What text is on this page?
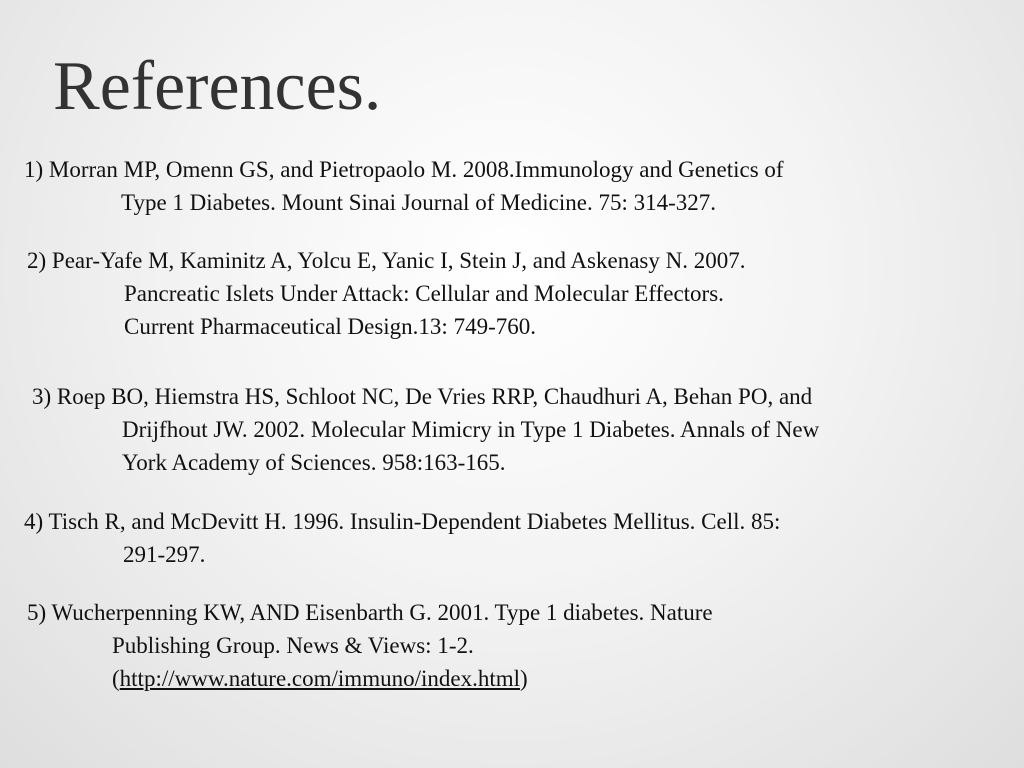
References.
1) Morran MP, Omenn GS, and Pietropaolo M. 2008.Immunology and Genetics of
Type 1 Diabetes. Mount Sinai Journal of Medicine. 75: 314-327.
2) Pear-Yafe M, Kaminitz A, Yolcu E, Yanic I, Stein J, and Askenasy N. 2007.
Pancreatic Islets Under Attack: Cellular and Molecular Effectors.
Current Pharmaceutical Design.13: 749-760.
3) Roep BO, Hiemstra HS, Schloot NC, De Vries RRP, Chaudhuri A, Behan PO, and
Drijfhout JW. 2002. Molecular Mimicry in Type 1 Diabetes. Annals of New
York Academy of Sciences. 958:163-165.
4) Tisch R, and McDevitt H. 1996. Insulin-Dependent Diabetes Mellitus. Cell. 85:
291-297.
5) Wucherpenning KW, AND Eisenbarth G. 2001. Type 1 diabetes. Nature
Publishing Group. News & Views: 1-2.
(http://www.nature.com/immuno/index.html)
